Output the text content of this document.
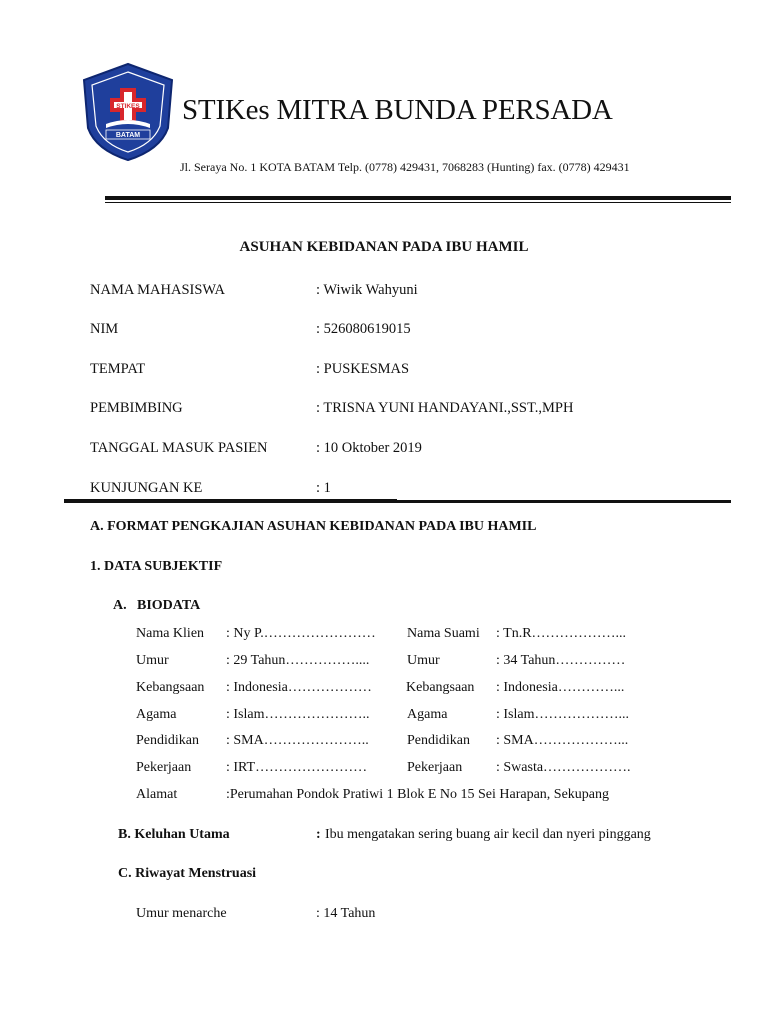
STIKES
BATAM
STIKes MITRA BUNDA PERSADA
Jl. Seraya No. 1 KOTA BATAM Telp. (0778) 429431, 7068283 (Hunting) fax. (0778) 429431
ASUHAN KEBIDANAN PADA IBU HAMIL
NAMA MAHASISWA	: Wiwik Wahyuni
NIM	: 526080619015
TEMPAT	: PUSKESMAS
PEMBIMBING	: TRISNA YUNI HANDAYANI.,SST.,MPH
TANGGAL MASUK PASIEN	: 10 Oktober 2019
KUNJUNGAN KE	: 1
A. FORMAT PENGKAJIAN ASUHAN KEBIDANAN PADA IBU HAMIL
1. DATA SUBJEKTIF
A. BIODATA
Nama Klien : Ny P.…………………… Nama Suami : Tn.R………………...
Umur	: 29 Tahun……………....	Umur	: 34 Tahun……………
Kebangsaan : Indonesia……………… Kebangsaan : Indonesia…………...
Agama	: Islam…………………..	Agama	: Islam………………...
Pendidikan : SMA…………………..	Pendidikan : SMA………………...
Pekerjaan : IRT……………………	Pekerjaan : Swasta……………….
Alamat	:Perumahan Pondok Pratiwi 1 Blok E No 15 Sei Harapan, Sekupang
B. Keluhan Utama	: Ibu mengatakan sering buang air kecil dan nyeri pinggang
C. Riwayat Menstruasi
Umur menarche	: 14 Tahun
